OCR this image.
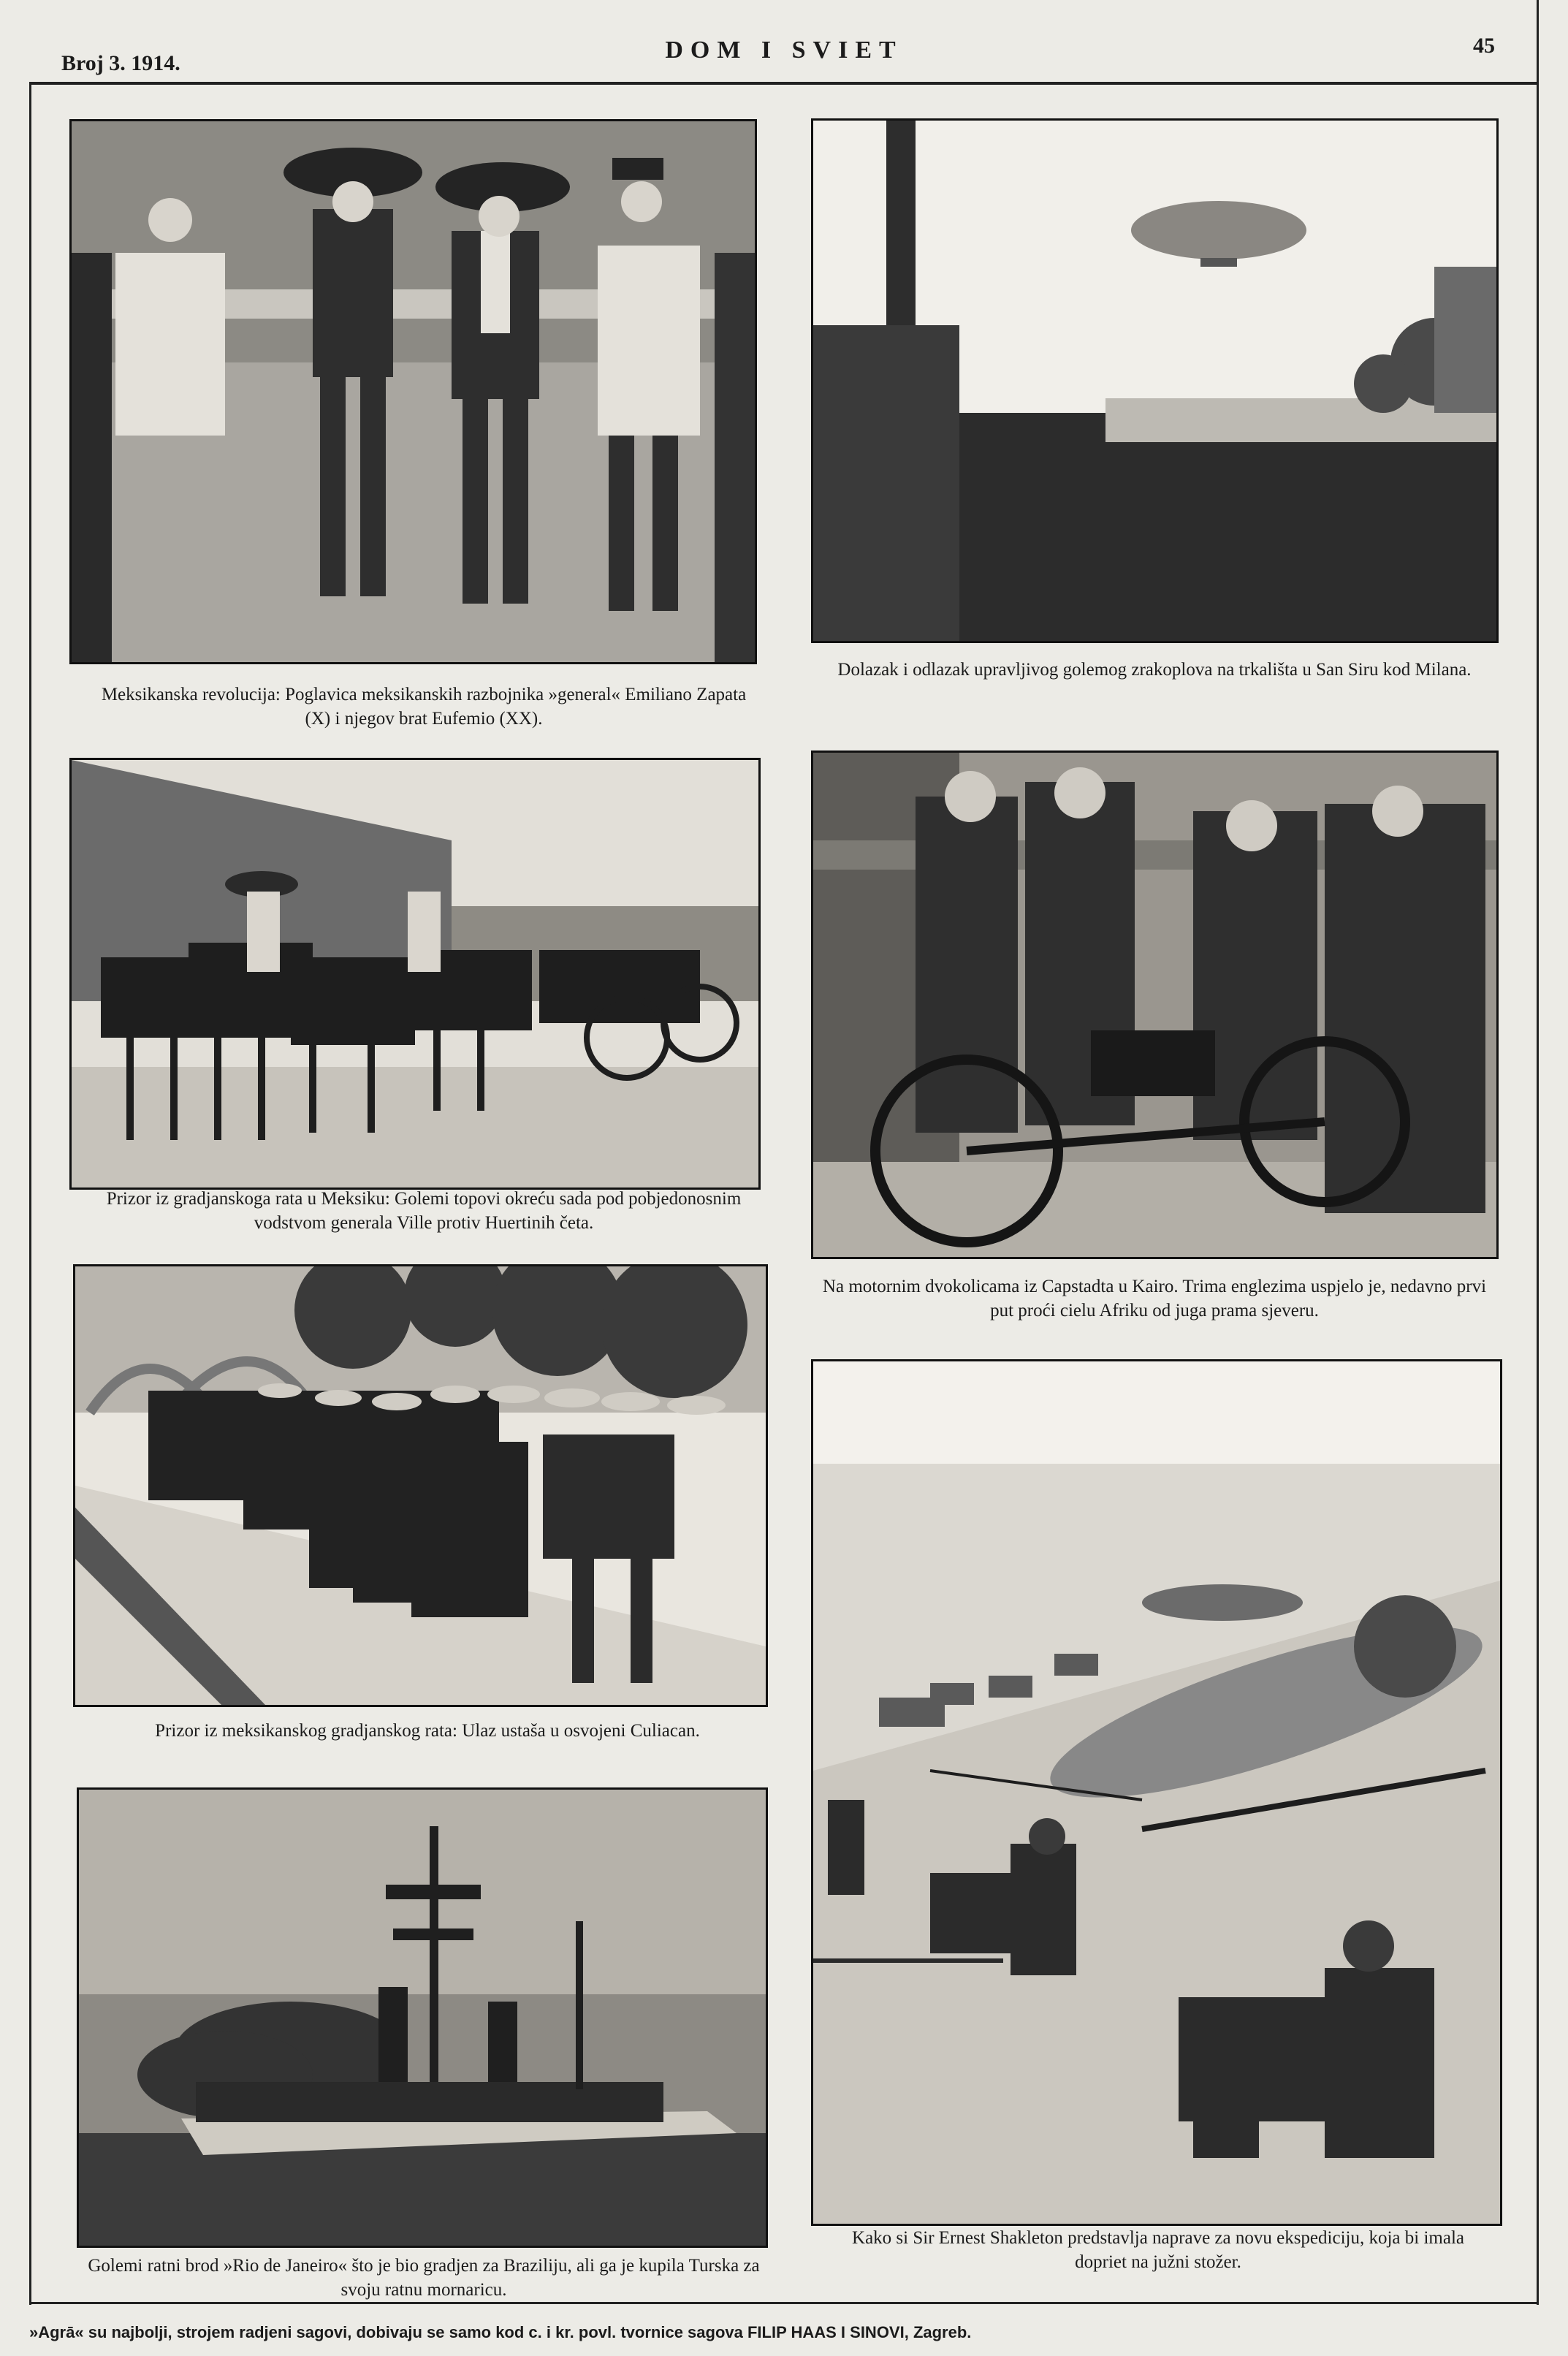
Broj 3. 1914.	DOM I SVIET	45
Meksikanska revolucija: Poglavica meksikanskih razbojnika »general« Emiliano Zapata (X) i njegov brat Eufemio (XX).
Dolazak i odlazak upravljivog golemog zrakoplova na trkališta u San Siru kod Milana.
Prizor iz gradjanskoga rata u Meksiku: Golemi topovi okreću sada pod pobjedonosnim vodstvom generala Ville protiv Huertinih četa.
Na motornim dvokolicama iz Capstadta u Kairo. Trima englezima uspjelo je, nedavno prvi put proći cielu Afriku od juga prama sjeveru.
Prizor iz meksikanskog gradjanskog rata: Ulaz ustaša u osvojeni Culiacan.
Kako si Sir Ernest Shakleton predstavlja naprave za novu ekspediciju, koja bi imala dopriet na južni stožer.
Golemi ratni brod »Rio de Janeiro« što je bio gradjen za Braziliju, ali ga je kupila Turska za svoju ratnu mornaricu.
»Agrā« su najbolji, strojem radjeni sagovi, dobivaju se samo kod c. i kr. povl. tvornice sagova FILIP HAAS I SINOVI, Zagreb.
